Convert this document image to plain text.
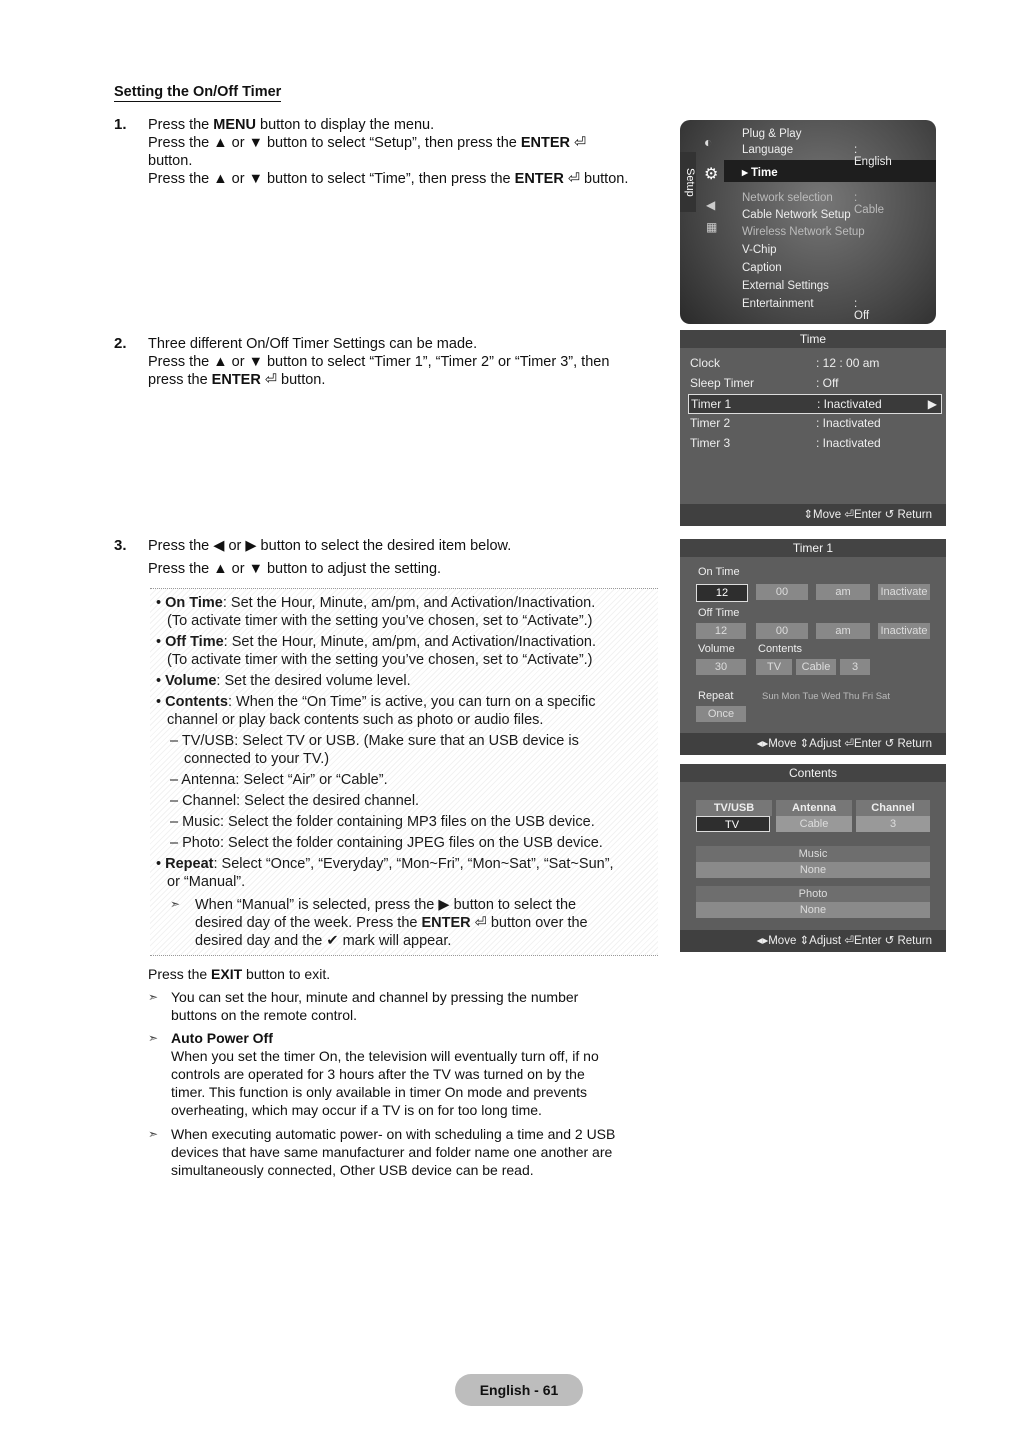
Setting the On/Off Timer
1. Press the MENU button to display the menu.
Press the ▲ or ▼ button to select “Setup”, then press the ENTER ⏎
button.
Press the ▲ or ▼ button to select “Time”, then press the ENTER ⏎ button.
2. Three different On/Off Timer Settings can be made.
Press the ▲ or ▼ button to select “Timer 1”, “Timer 2” or “Timer 3”, then
press the ENTER ⏎ button.
3. Press the ◀ or ▶ button to select the desired item below.
Press the ▲ or ▼ button to adjust the setting.
• On Time: Set the Hour, Minute, am/pm, and Activation/Inactivation.
(To activate timer with the setting you’ve chosen, set to “Activate”.)
• Off Time: Set the Hour, Minute, am/pm, and Activation/Inactivation.
(To activate timer with the setting you’ve chosen, set to “Activate”.)
• Volume: Set the desired volume level.
• Contents: When the “On Time” is active, you can turn on a specific
channel or play back contents such as photo or audio files.
– TV/USB: Select TV or USB. (Make sure that an USB device is
connected to your TV.)
– Antenna: Select “Air” or “Cable”.
– Channel: Select the desired channel.
– Music: Select the folder containing MP3 files on the USB device.
– Photo: Select the folder containing JPEG files on the USB device.
• Repeat: Select “Once”, “Everyday”, “Mon~Fri”, “Mon~Sat”, “Sat~Sun”,
or “Manual”.
➣ When “Manual” is selected, press the ▶ button to select the
desired day of the week. Press the ENTER ⏎ button over the
desired day and the ✔ mark will appear.
Press the EXIT button to exit.
➣ You can set the hour, minute and channel by pressing the number
buttons on the remote control.
➣ Auto Power Off
When you set the timer On, the television will eventually turn off, if no
controls are operated for 3 hours after the TV was turned on by the
timer. This function is only available in timer On mode and prevents
overheating, which may occur if a TV is on for too long time.
➣ When executing automatic power- on with scheduling a time and 2 USB
devices that have same manufacturer and folder name one another are
simultaneously connected, Other USB device can be read.
Setup
◐
⚙
◀
▦
Plug & Play
Language	: English
▸ Time
Network selection : Cable
Cable Network Setup
Wireless Network Setup
V-Chip
Caption
External Settings
Entertainment	: Off
Time
Clock	: 12 : 00 am
Sleep Timer	: Off
Timer 1	: Inactivated	▶
Timer 2	: Inactivated
Timer 3	: Inactivated
⇕Move ⏎Enter ↺ Return
Timer 1
On Time
12	00	am	Inactivate
Off Time
12	00	am	Inactivate
Volume Contents
30	TV	Cable	3
Repeat	Sun Mon Tue Wed Thu Fri Sat
Once
◂▸Move ⇕Adjust ⏎Enter ↺ Return
Contents
TV/USB	Antenna	Channel
TV	Cable	3
Music
None
Photo
None
◂▸Move ⇕Adjust ⏎Enter ↺ Return
English - 61
